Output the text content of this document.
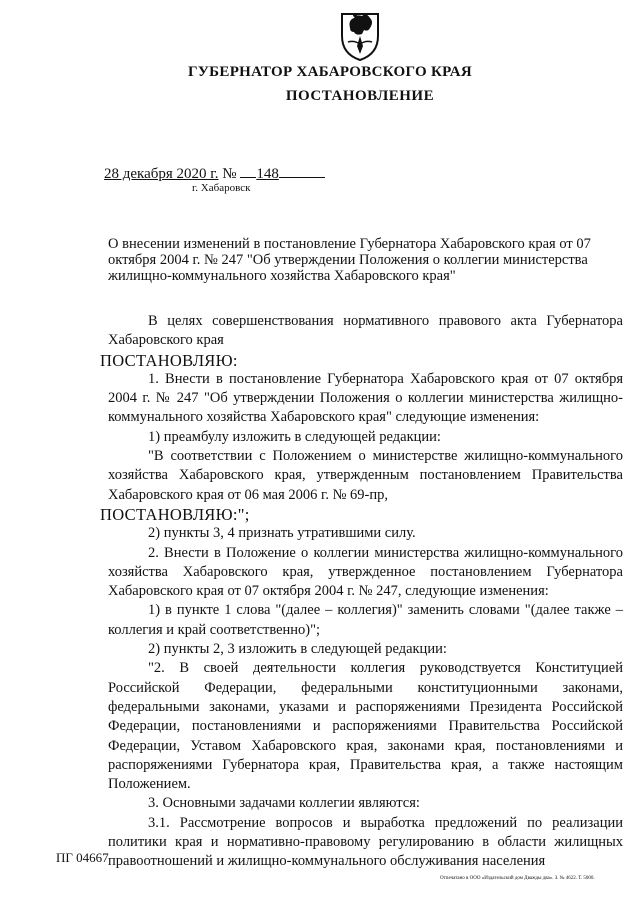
ГУБЕРНАТОР ХАБАРОВСКОГО КРАЯ
ПОСТАНОВЛЕНИЕ
28 декабря 2020 г. № 148
г. Хабаровск
О внесении изменений в постановление Губернатора Хабаровского края от 07 октября 2004 г. № 247 "Об утверждении Положения о коллегии министерства жилищно-коммунального хозяйства Хабаровского края"

В целях совершенствования нормативного правового акта Губернатора Хабаровского края

ПОСТАНОВЛЯЮ:

1. Внести в постановление Губернатора Хабаровского края от 07 октября 2004 г. № 247 "Об утверждении Положения о коллегии министерства жилищно-коммунального хозяйства Хабаровского края" следующие изменения:

1) преамбулу изложить в следующей редакции:

"В соответствии с Положением о министерстве жилищно-коммунального хозяйства Хабаровского края, утвержденным постановлением Правительства Хабаровского края от 06 мая 2006 г. № 69-пр,

ПОСТАНОВЛЯЮ:";

2) пункты 3, 4 признать утратившими силу.

2. Внести в Положение о коллегии министерства жилищно-коммунального хозяйства Хабаровского края, утвержденное постановлением Губернатора Хабаровского края от 07 октября 2004 г. № 247, следующие изменения:

1) в пункте 1 слова "(далее – коллегия)" заменить словами "(далее также – коллегия и край соответственно)";

2) пункты 2, 3 изложить в следующей редакции:

"2. В своей деятельности коллегия руководствуется Конституцией Российской Федерации, федеральными конституционными законами, федеральными законами, указами и распоряжениями Президента Российской Федерации, постановлениями и распоряжениями Правительства Российской Федерации, Уставом Хабаровского края, законами края, постановлениями и распоряжениями Губернатора края, Правительства края, а также настоящим Положением.

3. Основными задачами коллегии являются:

3.1. Рассмотрение вопросов и выработка предложений по реализации политики края и нормативно-правовому регулированию в области жилищных правоотношений и жилищно-коммунального обслуживания населения

ПГ 04667
Отпечатано в ООО «Издательский дом Дважды два». З. № 4622. Т. 5000.
